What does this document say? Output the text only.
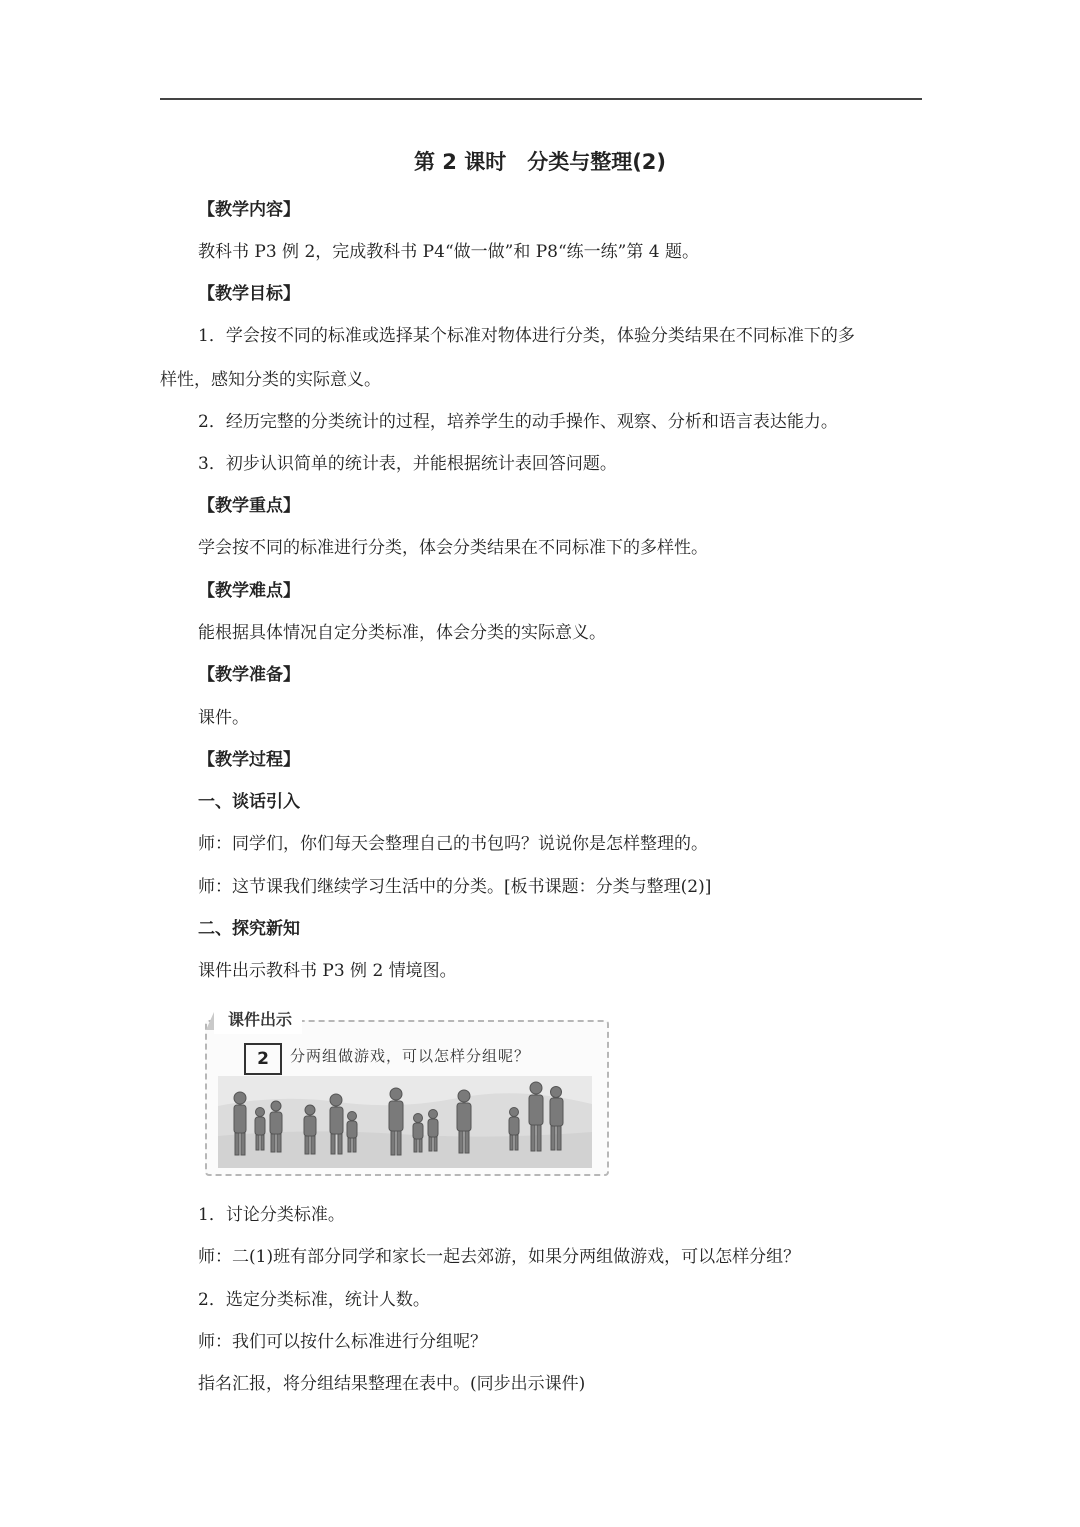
第 2 课时　分类与整理(2)
【教学内容】
教科书 P3 例 2，完成教科书 P4“做一做”和 P8“练一练”第 4 题。
【教学目标】
1．学会按不同的标准或选择某个标准对物体进行分类，体验分类结果在不同标准下的多
样性，感知分类的实际意义。
2．经历完整的分类统计的过程，培养学生的动手操作、观察、分析和语言表达能力。
3．初步认识简单的统计表，并能根据统计表回答问题。
【教学重点】
学会按不同的标准进行分类，体会分类结果在不同标准下的多样性。
【教学难点】
能根据具体情况自定分类标准，体会分类的实际意义。
【教学准备】
课件。
【教学过程】
一、谈话引入
师：同学们，你们每天会整理自己的书包吗？说说你是怎样整理的。
师：这节课我们继续学习生活中的分类。[板书课题：分类与整理(2)]
二、探究新知
课件出示教科书 P3 例 2 情境图。
课件出示
2	分两组做游戏，可以怎样分组呢？
1．讨论分类标准。
师：二(1)班有部分同学和家长一起去郊游，如果分两组做游戏，可以怎样分组？
2．选定分类标准，统计人数。
师：我们可以按什么标准进行分组呢？
指名汇报，将分组结果整理在表中。(同步出示课件)
